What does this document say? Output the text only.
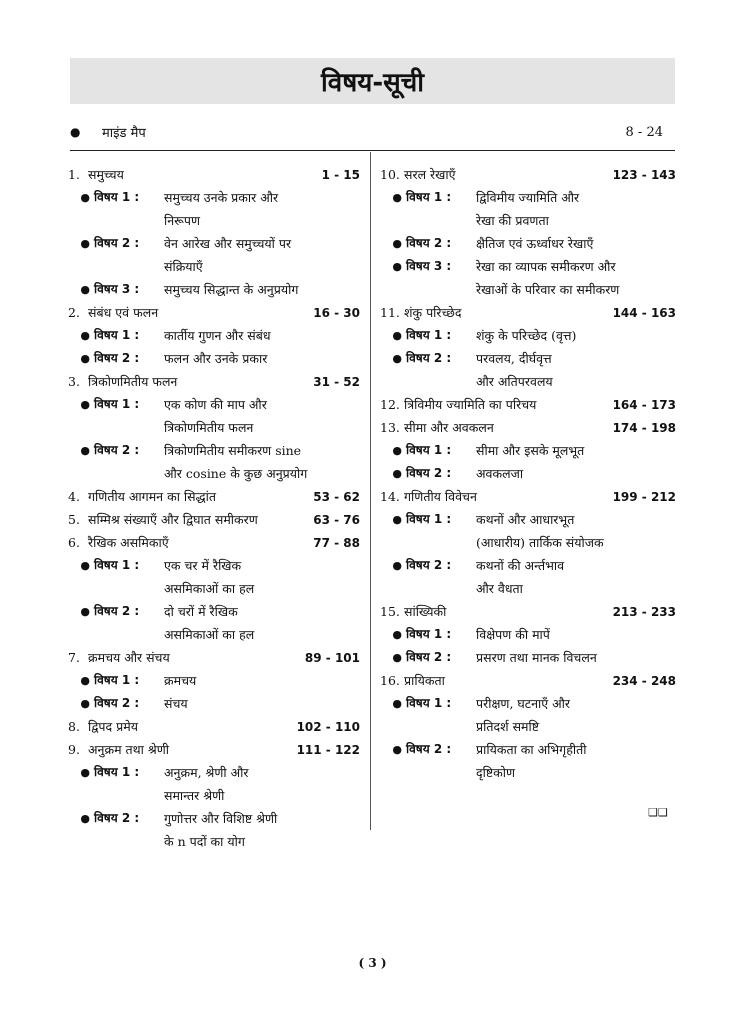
विषय-सूची
●	माइंड मैप	8 - 24
1. समुच्चय	1 - 15
● विषय 1 :	समुच्चय उनके प्रकार और
निरूपण
● विषय 2 :	वेन आरेख और समुच्चयों पर
संक्रियाएँ
● विषय 3 :	समुच्चय सिद्धान्त के अनुप्रयोग
2. संबंध एवं फलन	16 - 30
● विषय 1 :	कार्तीय गुणन और संबंध
● विषय 2 :	फलन और उनके प्रकार
3. त्रिकोणमितीय फलन	31 - 52
● विषय 1 :	एक कोण की माप और
त्रिकोणमितीय फलन
● विषय 2 :	त्रिकोणमितीय समीकरण sine
और cosine के कुछ अनुप्रयोग
4. गणितीय आगमन का सिद्धांत	53 - 62
5. सम्मिश्र संख्याएँ और द्विघात समीकरण	63 - 76
6. रैखिक असमिकाएँ	77 - 88
● विषय 1 :	एक चर में रैखिक
असमिकाओं का हल
● विषय 2 :	दो चरों में रैखिक
असमिकाओं का हल
7. क्रमचय और संचय	89 - 101
● विषय 1 :	क्रमचय
● विषय 2 :	संचय
8. द्विपद प्रमेय	102 - 110
9. अनुक्रम तथा श्रेणी	111 - 122
● विषय 1 :	अनुक्रम, श्रेणी और
समान्तर श्रेणी
● विषय 2 :	गुणोत्तर और विशिष्ट श्रेणी
के n पदों का योग
10. सरल रेखाएँ	123 - 143
● विषय 1 :	द्विविमीय ज्यामिति और
रेखा की प्रवणता
● विषय 2 :	क्षैतिज एवं ऊर्ध्वाधर रेखाएँ
● विषय 3 :	रेखा का व्यापक समीकरण और
रेखाओं के परिवार का समीकरण
11. शंकु परिच्छेद	144 - 163
● विषय 1 :	शंकु के परिच्छेद (वृत्त)
● विषय 2 :	परवलय, दीर्घवृत्त
और अतिपरवलय
12. त्रिविमीय ज्यामिति का परिचय	164 - 173
13. सीमा और अवकलन	174 - 198
● विषय 1 :	सीमा और इसके मूलभूत
● विषय 2 :	अवकलजा
14. गणितीय विवेचन	199 - 212
● विषय 1 :	कथनों और आधारभूत
(आधारीय) तार्किक संयोजक
● विषय 2 :	कथनों की अर्न्तभाव
और वैधता
15. सांख्यिकी	213 - 233
● विषय 1 :	विक्षेपण की मापें
● विषय 2 :	प्रसरण तथा मानक विचलन
16. प्रायिकता	234 - 248
● विषय 1 :	परीक्षण, घटनाएँ और
प्रतिदर्श समष्टि
● विषय 2 :	प्रायिकता का अभिगृहीती
दृष्टिकोण
❑❑
( 3 )
